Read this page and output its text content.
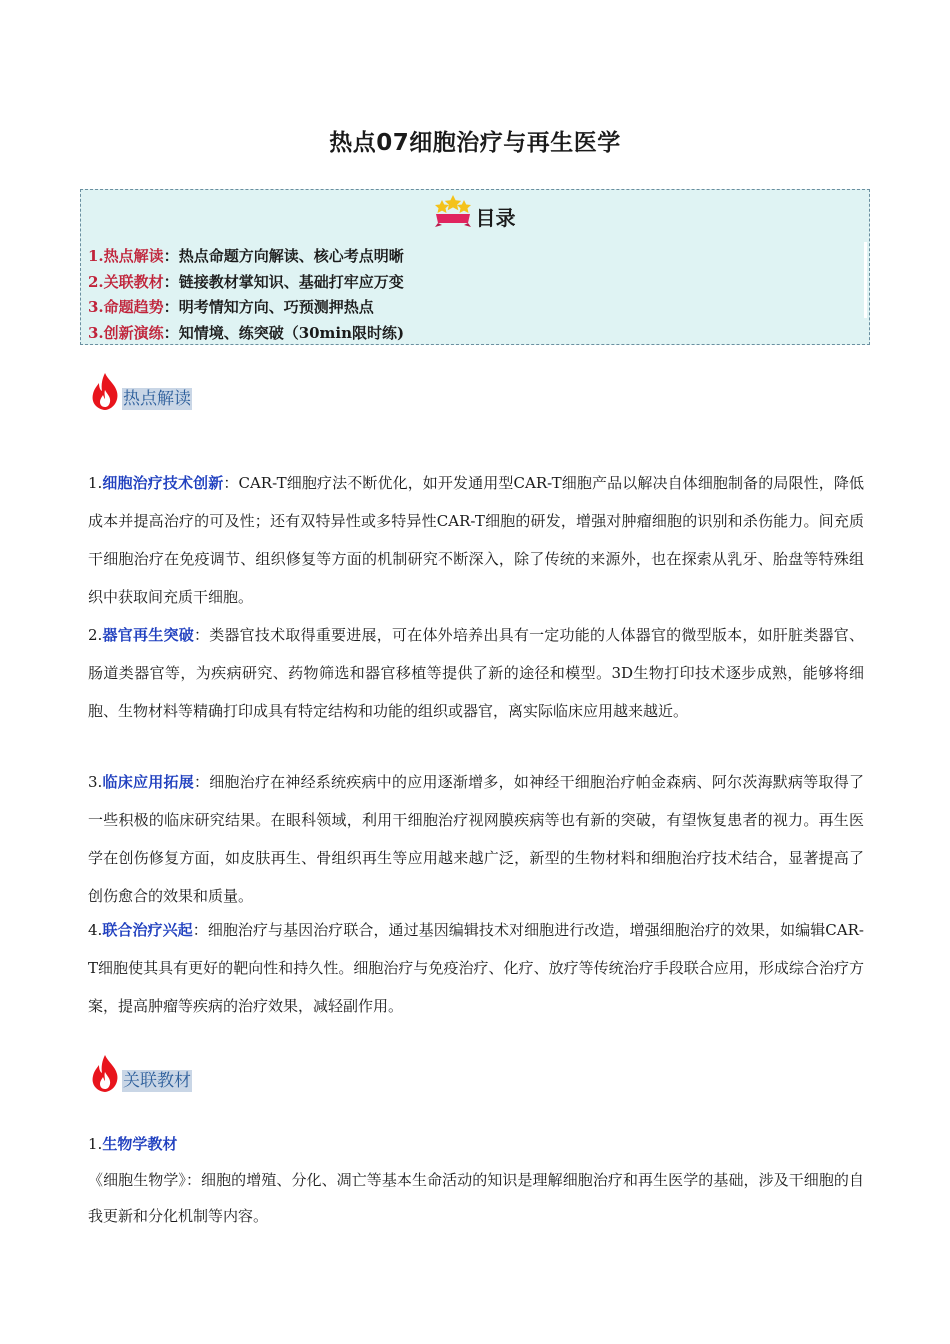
热点07细胞治疗与再生医学
目录
1.热点解读：热点命题方向解读、核心考点明晰
2.关联教材：链接教材掌知识、基础打牢应万变
3.命题趋势：明考情知方向、巧预测押热点
3.创新演练：知情境、练突破（30min限时练)
热点解读
1.细胞治疗技术创新：CAR-T细胞疗法不断优化，如开发通用型CAR-T细胞产品以解决自体细胞制备的局限性，降低成本并提高治疗的可及性；还有双特异性或多特异性CAR-T细胞的研发，增强对肿瘤细胞的识别和杀伤能力。间充质干细胞治疗在免疫调节、组织修复等方面的机制研究不断深入，除了传统的来源外，也在探索从乳牙、胎盘等特殊组织中获取间充质干细胞。
2.器官再生突破：类器官技术取得重要进展，可在体外培养出具有一定功能的人体器官的微型版本，如肝脏类器官、肠道类器官等，为疾病研究、药物筛选和器官移植等提供了新的途径和模型。3D生物打印技术逐步成熟，能够将细胞、生物材料等精确打印成具有特定结构和功能的组织或器官，离实际临床应用越来越近。
3.临床应用拓展：细胞治疗在神经系统疾病中的应用逐渐增多，如神经干细胞治疗帕金森病、阿尔茨海默病等取得了一些积极的临床研究结果。在眼科领域，利用干细胞治疗视网膜疾病等也有新的突破，有望恢复患者的视力。再生医学在创伤修复方面，如皮肤再生、骨组织再生等应用越来越广泛，新型的生物材料和细胞治疗技术结合，显著提高了创伤愈合的效果和质量。
4.联合治疗兴起：细胞治疗与基因治疗联合，通过基因编辑技术对细胞进行改造，增强细胞治疗的效果，如编辑CAR-T细胞使其具有更好的靶向性和持久性。细胞治疗与免疫治疗、化疗、放疗等传统治疗手段联合应用，形成综合治疗方案，提高肿瘤等疾病的治疗效果，减轻副作用。
关联教材
1.生物学教材
《细胞生物学》：细胞的增殖、分化、凋亡等基本生命活动的知识是理解细胞治疗和再生医学的基础，涉及干细胞的自我更新和分化机制等内容。
